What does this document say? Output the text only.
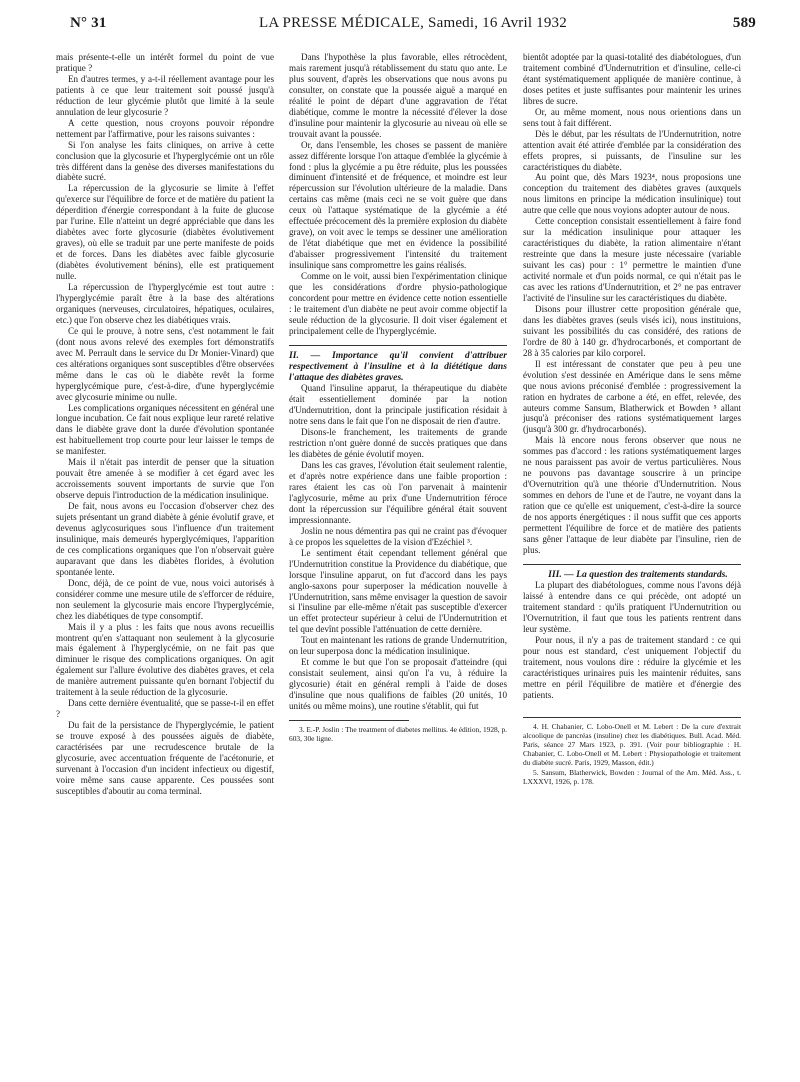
N° 31	LA PRESSE MÉDICALE, Samedi, 16 Avril 1932	589

mais présente-t-elle un intérêt formel du point de vue pratique ?

En d'autres termes, y a-t-il réellement avantage pour les patients à ce que leur traitement soit poussé jusqu'à réduction de leur glycémie plutôt que limité à la seule annulation de leur glycosurie ?

A cette question, nous croyons pouvoir répondre nettement par l'affirmative, pour les raisons suivantes :

Si l'on analyse les faits cliniques, on arrive à cette conclusion que la glycosurie et l'hyperglycémie ont un rôle très différent dans la genèse des diverses manifestations du diabète sucré.

La répercussion de la glycosurie se limite à l'effet qu'exerce sur l'équilibre de force et de matière du patient la déperdition d'énergie correspondant à la fuite de glucose par l'urine. Elle n'atteint un degré appréciable que dans les diabètes avec forte glycosurie (diabètes évolutivement graves), où elle se traduit par une perte manifeste de poids et de forces. Dans les diabètes avec faible glycosurie (diabètes évolutivement bénins), elle est pratiquement nulle.

La répercussion de l'hyperglycémie est tout autre : l'hyperglycémie paraît être à la base des altérations organiques (nerveuses, circulatoires, hépatiques, oculaires, etc.) que l'on observe chez les diabétiques vrais.

Ce qui le prouve, à notre sens, c'est notamment le fait (dont nous avons relevé des exemples fort démonstratifs avec M. Perrault dans le service du Dr Monier-Vinard) que ces altérations organiques sont susceptibles d'être observées même dans le cas où le diabète revêt la forme hyperglycémique pure, c'est-à-dire, d'une hyperglycémie avec glycosurie minime ou nulle.

Les complications organiques nécessitent en général une longue incubation. Ce fait nous explique leur rareté relative dans le diabète grave dont la durée d'évolution spontanée est habituellement trop courte pour leur laisser le temps de se manifester.

Mais il n'était pas interdit de penser que la situation pouvait être amenée à se modifier à cet égard avec les accroissements souvent importants de survie que l'on observe depuis l'introduction de la médication insulinique.

De fait, nous avons eu l'occasion d'observer chez des sujets présentant un grand diabète à génie évolutif grave, et devenus aglycosuriques sous l'influence d'un traitement insulinique, mais demeurés hyperglycémiques, l'apparition de ces complications organiques que l'on n'observait guère auparavant que dans les diabètes florides, à évolution spontanée lente.

Donc, déjà, de ce point de vue, nous voici autorisés à considérer comme une mesure utile de s'efforcer de réduire, non seulement la glycosurie mais encore l'hyperglycémie, chez les diabétiques de type consomptif.

Mais il y a plus : les faits que nous avons recueillis montrent qu'en s'attaquant non seulement à la glycosurie mais également à l'hyperglycémie, on ne fait pas que diminuer le risque des complications organiques. On agit également sur l'allure évolutive des diabètes graves, et cela de manière autrement puissante qu'en bornant l'objectif du traitement à la seule réduction de la glycosurie.

Dans cette dernière éventualité, que se passe-t-il en effet ?

Du fait de la persistance de l'hyperglycémie, le patient se trouve exposé à des poussées aiguës de diabète, caractérisées par une recrudescence brutale de la glycosurie, avec accentuation fréquente de l'acétonurie, et survenant à l'occasion d'un incident infectieux ou digestif, voire même sans cause apparente. Ces poussées sont susceptibles d'aboutir au coma terminal.

Dans l'hypothèse la plus favorable, elles rétrocèdent, mais rarement jusqu'à rétablissement du statu quo ante. Le plus souvent, d'après les observations que nous avons pu consulter, on constate que la poussée aiguë a marqué en réalité le point de départ d'une aggravation de l'état diabétique, comme le montre la nécessité d'élever la dose d'insuline pour maintenir la glycosurie au niveau où elle se trouvait avant la poussée.

Or, dans l'ensemble, les choses se passent de manière assez différente lorsque l'on attaque d'emblée la glycémie à fond : plus la glycémie a pu être réduite, plus les poussées diminuent d'intensité et de fréquence, et moindre est leur répercussion sur l'évolution ultérieure de la maladie. Dans certains cas même (mais ceci ne se voit guère que dans ceux où l'attaque systématique de la glycémie a été effectuée précocement dès la première explosion du diabète grave), on voit avec le temps se dessiner une amélioration de l'état diabétique que met en évidence la possibilité d'abaisser progressivement l'intensité du traitement insulinique sans compromettre les gains réalisés.

Comme on le voit, aussi bien l'expérimentation clinique que les considérations d'ordre physio-pathologique concordent pour mettre en évidence cette notion essentielle : le traitement d'un diabète ne peut avoir comme objectif la seule réduction de la glycosurie. Il doit viser également et principalement celle de l'hyperglycémie.

II. — Importance qu'il convient d'attribuer respectivement à l'insuline et à la diététique dans l'attaque des diabètes graves.

Quand l'insuline apparut, la thérapeutique du diabète était essentiellement dominée par la notion d'Undernutrition, dont la principale justification résidait à notre sens dans le fait que l'on ne disposait de rien d'autre.

Disons-le franchement, les traitements de grande restriction n'ont guère donné de succès pratiques que dans les diabètes de génie évolutif moyen.

Dans les cas graves, l'évolution était seulement ralentie, et d'après notre expérience dans une faible proportion : rares étaient les cas où l'on parvenait à maintenir l'aglycosurie, même au prix d'une Undernutrition féroce dont la répercussion sur l'équilibre général était souvent impressionnante.

Joslin ne nous démentira pas qui ne craint pas d'évoquer à ce propos les squelettes de la vision d'Ezéchiel ³.

Le sentiment était cependant tellement général que l'Undernutrition constitue la Providence du diabétique, que lorsque l'insuline apparut, on fut d'accord dans les pays anglo-saxons pour superposer la médication nouvelle à l'Undernutrition, sans même envisager la question de savoir si l'insuline par elle-même n'était pas susceptible d'exercer un effet protecteur supérieur à celui de l'Undernutrition et tel que devînt possible l'atténuation de cette dernière.

Tout en maintenant les rations de grande Undernutrition, on leur superposa donc la médication insulinique.

Et comme le but que l'on se proposait d'atteindre (qui consistait seulement, ainsi qu'on l'a vu, à réduire la glycosurie) était en général rempli à l'aide de doses d'insuline que nous qualifions de faibles (20 unités, 10 unités ou même moins), une routine s'établit, qui fut

3. E.-P. Joslin : The treatment of diabetes mellitus. 4e édition, 1928, p. 603, 30e ligne.

bientôt adoptée par la quasi-totalité des diabétologues, d'un traitement combiné d'Undernutrition et d'insuline, celle-ci étant systématiquement appliquée de manière continue, à doses petites et juste suffisantes pour maintenir les urines libres de sucre.

Or, au même moment, nous nous orientions dans un sens tout à fait différent.

Dès le début, par les résultats de l'Undernutrition, notre attention avait été attirée d'emblée par la considération des effets propres, si puissants, de l'insuline sur les caractéristiques du diabète.

Au point que, dès Mars 1923⁴, nous proposions une conception du traitement des diabètes graves (auxquels nous limitons en principe la médication insulinique) tout autre que celle que nous voyions adopter autour de nous.

Cette conception consistait essentiellement à faire fond sur la médication insulinique pour attaquer les caractéristiques du diabète, la ration alimentaire n'étant restreinte que dans la mesure juste nécessaire (variable suivant les cas) pour : 1° permettre le maintien d'une activité normale et d'un poids normal, ce qui n'était pas le cas avec les rations d'Undernutrition, et 2° ne pas entraver l'activité de l'insuline sur les caractéristiques du diabète.

Disons pour illustrer cette proposition générale que, dans les diabètes graves (seuls visés ici), nous instituions, suivant les possibilités du cas considéré, des rations de l'ordre de 80 à 140 gr. d'hydrocarbonés, et comportant de 28 à 35 calories par kilo corporel.

Il est intéressant de constater que peu à peu une évolution s'est dessinée en Amérique dans le sens même que nous avions préconisé d'emblée : progressivement la ration en hydrates de carbone a été, en effet, relevée, des auteurs comme Sansum, Blatherwick et Bowden ⁵ allant jusqu'à préconiser des rations systématiquement larges (jusqu'à 300 gr. d'hydrocarbonés).

Mais là encore nous ferons observer que nous ne sommes pas d'accord : les rations systématiquement larges ne nous paraissent pas avoir de vertus particulières. Nous ne pouvons pas davantage souscrire à un principe d'Overnutrition qu'à une théorie d'Undernutrition. Nous sommes en dehors de l'une et de l'autre, ne voyant dans la ration que ce qu'elle est uniquement, c'est-à-dire la source de nos apports énergétiques : il nous suffit que ces apports permettent l'équilibre de force et de matière des patients sans gêner l'attaque de leur diabète par l'insuline, rien de plus.

III. — La question des traitements standards.

La plupart des diabétologues, comme nous l'avons déjà laissé à entendre dans ce qui précède, ont adopté un traitement standard : qu'ils pratiquent l'Undernutrition ou l'Overnutrition, il faut que tous les patients rentrent dans leur système.

Pour nous, il n'y a pas de traitement standard : ce qui pour nous est standard, c'est uniquement l'objectif du traitement, nous voulons dire : réduire la glycémie et les caractéristiques urinaires puis les maintenir réduites, sans mettre en péril l'équilibre de matière et d'énergie des patients.

4. H. Chabanier, C. Lobo-Onell et M. Lebert : De la cure d'extrait alcoolique de pancréas (insuline) chez les diabétiques. Bull. Acad. Méd. Paris, séance 27 Mars 1923, p. 391. (Voir pour bibliographie : H. Chabanier, C. Lobo-Onell et M. Lebert : Physiopathologie et traitement du diabète sucré. Paris, 1929, Masson, édit.)

5. Sansum, Blatherwick, Bowden : Journal of the Am. Méd. Ass., t. LXXXVI, 1926, p. 178.
